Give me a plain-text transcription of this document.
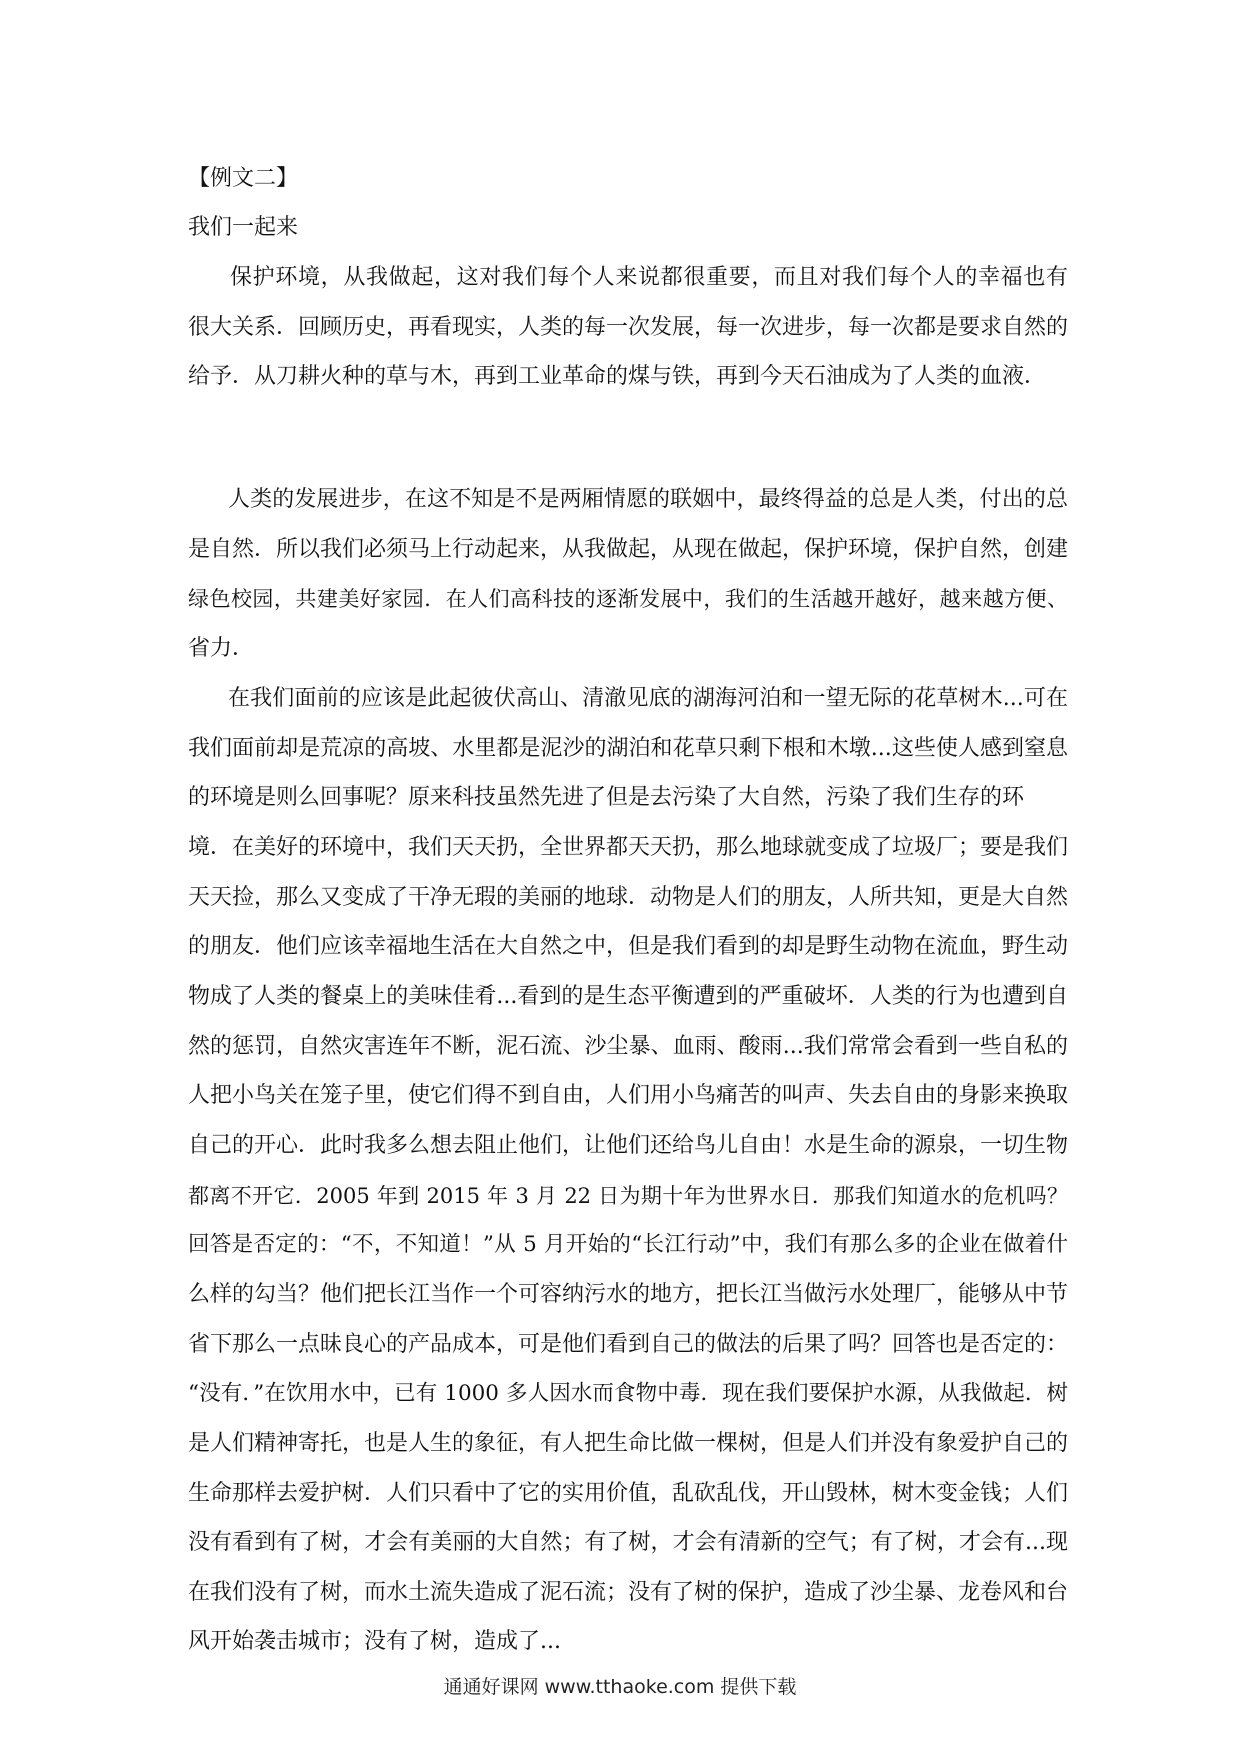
【例文二】
我们一起来
保护环境，从我做起，这对我们每个人来说都很重要，而且对我们每个人的幸福也有
很大关系．回顾历史，再看现实，人类的每一次发展，每一次进步，每一次都是要求自然的
给予．从刀耕火种的草与木，再到工业革命的煤与铁，再到今天石油成为了人类的血液．
人类的发展进步，在这不知是不是两厢情愿的联姻中，最终得益的总是人类，付出的总
是自然．所以我们必须马上行动起来，从我做起，从现在做起，保护环境，保护自然，创建
绿色校园，共建美好家园．在人们高科技的逐渐发展中，我们的生活越开越好，越来越方便、
省力．
在我们面前的应该是此起彼伏高山、清澈见底的湖海河泊和一望无际的花草树木...可在
我们面前却是荒凉的高坡、水里都是泥沙的湖泊和花草只剩下根和木墩...这些使人感到窒息
的环境是则么回事呢？原来科技虽然先进了但是去污染了大自然，污染了我们生存的环
境．在美好的环境中，我们天天扔，全世界都天天扔，那么地球就变成了垃圾厂；要是我们
天天捡，那么又变成了干净无瑕的美丽的地球．动物是人们的朋友，人所共知，更是大自然
的朋友．他们应该幸福地生活在大自然之中，但是我们看到的却是野生动物在流血，野生动
物成了人类的餐桌上的美味佳肴...看到的是生态平衡遭到的严重破坏．人类的行为也遭到自
然的惩罚，自然灾害连年不断，泥石流、沙尘暴、血雨、酸雨...我们常常会看到一些自私的
人把小鸟关在笼子里，使它们得不到自由，人们用小鸟痛苦的叫声、失去自由的身影来换取
自己的开心．此时我多么想去阻止他们，让他们还给鸟儿自由！水是生命的源泉，一切生物
都离不开它．2005 年到 2015 年 3 月 22 日为期十年为世界水日．那我们知道水的危机吗？
回答是否定的：“不，不知道！”从 5 月开始的“长江行动”中，我们有那么多的企业在做着什
么样的勾当？他们把长江当作一个可容纳污水的地方，把长江当做污水处理厂，能够从中节
省下那么一点昧良心的产品成本，可是他们看到自己的做法的后果了吗？回答也是否定的：
“没有．”在饮用水中，已有 1000 多人因水而食物中毒．现在我们要保护水源，从我做起．树
是人们精神寄托，也是人生的象征，有人把生命比做一棵树，但是人们并没有象爱护自己的
生命那样去爱护树．人们只看中了它的实用价值，乱砍乱伐，开山毁林，树木变金钱；人们
没有看到有了树，才会有美丽的大自然；有了树，才会有清新的空气；有了树，才会有...现
在我们没有了树，而水土流失造成了泥石流；没有了树的保护，造成了沙尘暴、龙卷风和台
风开始袭击城市；没有了树，造成了...
通通好课网 www.tthaoke.com 提供下载
